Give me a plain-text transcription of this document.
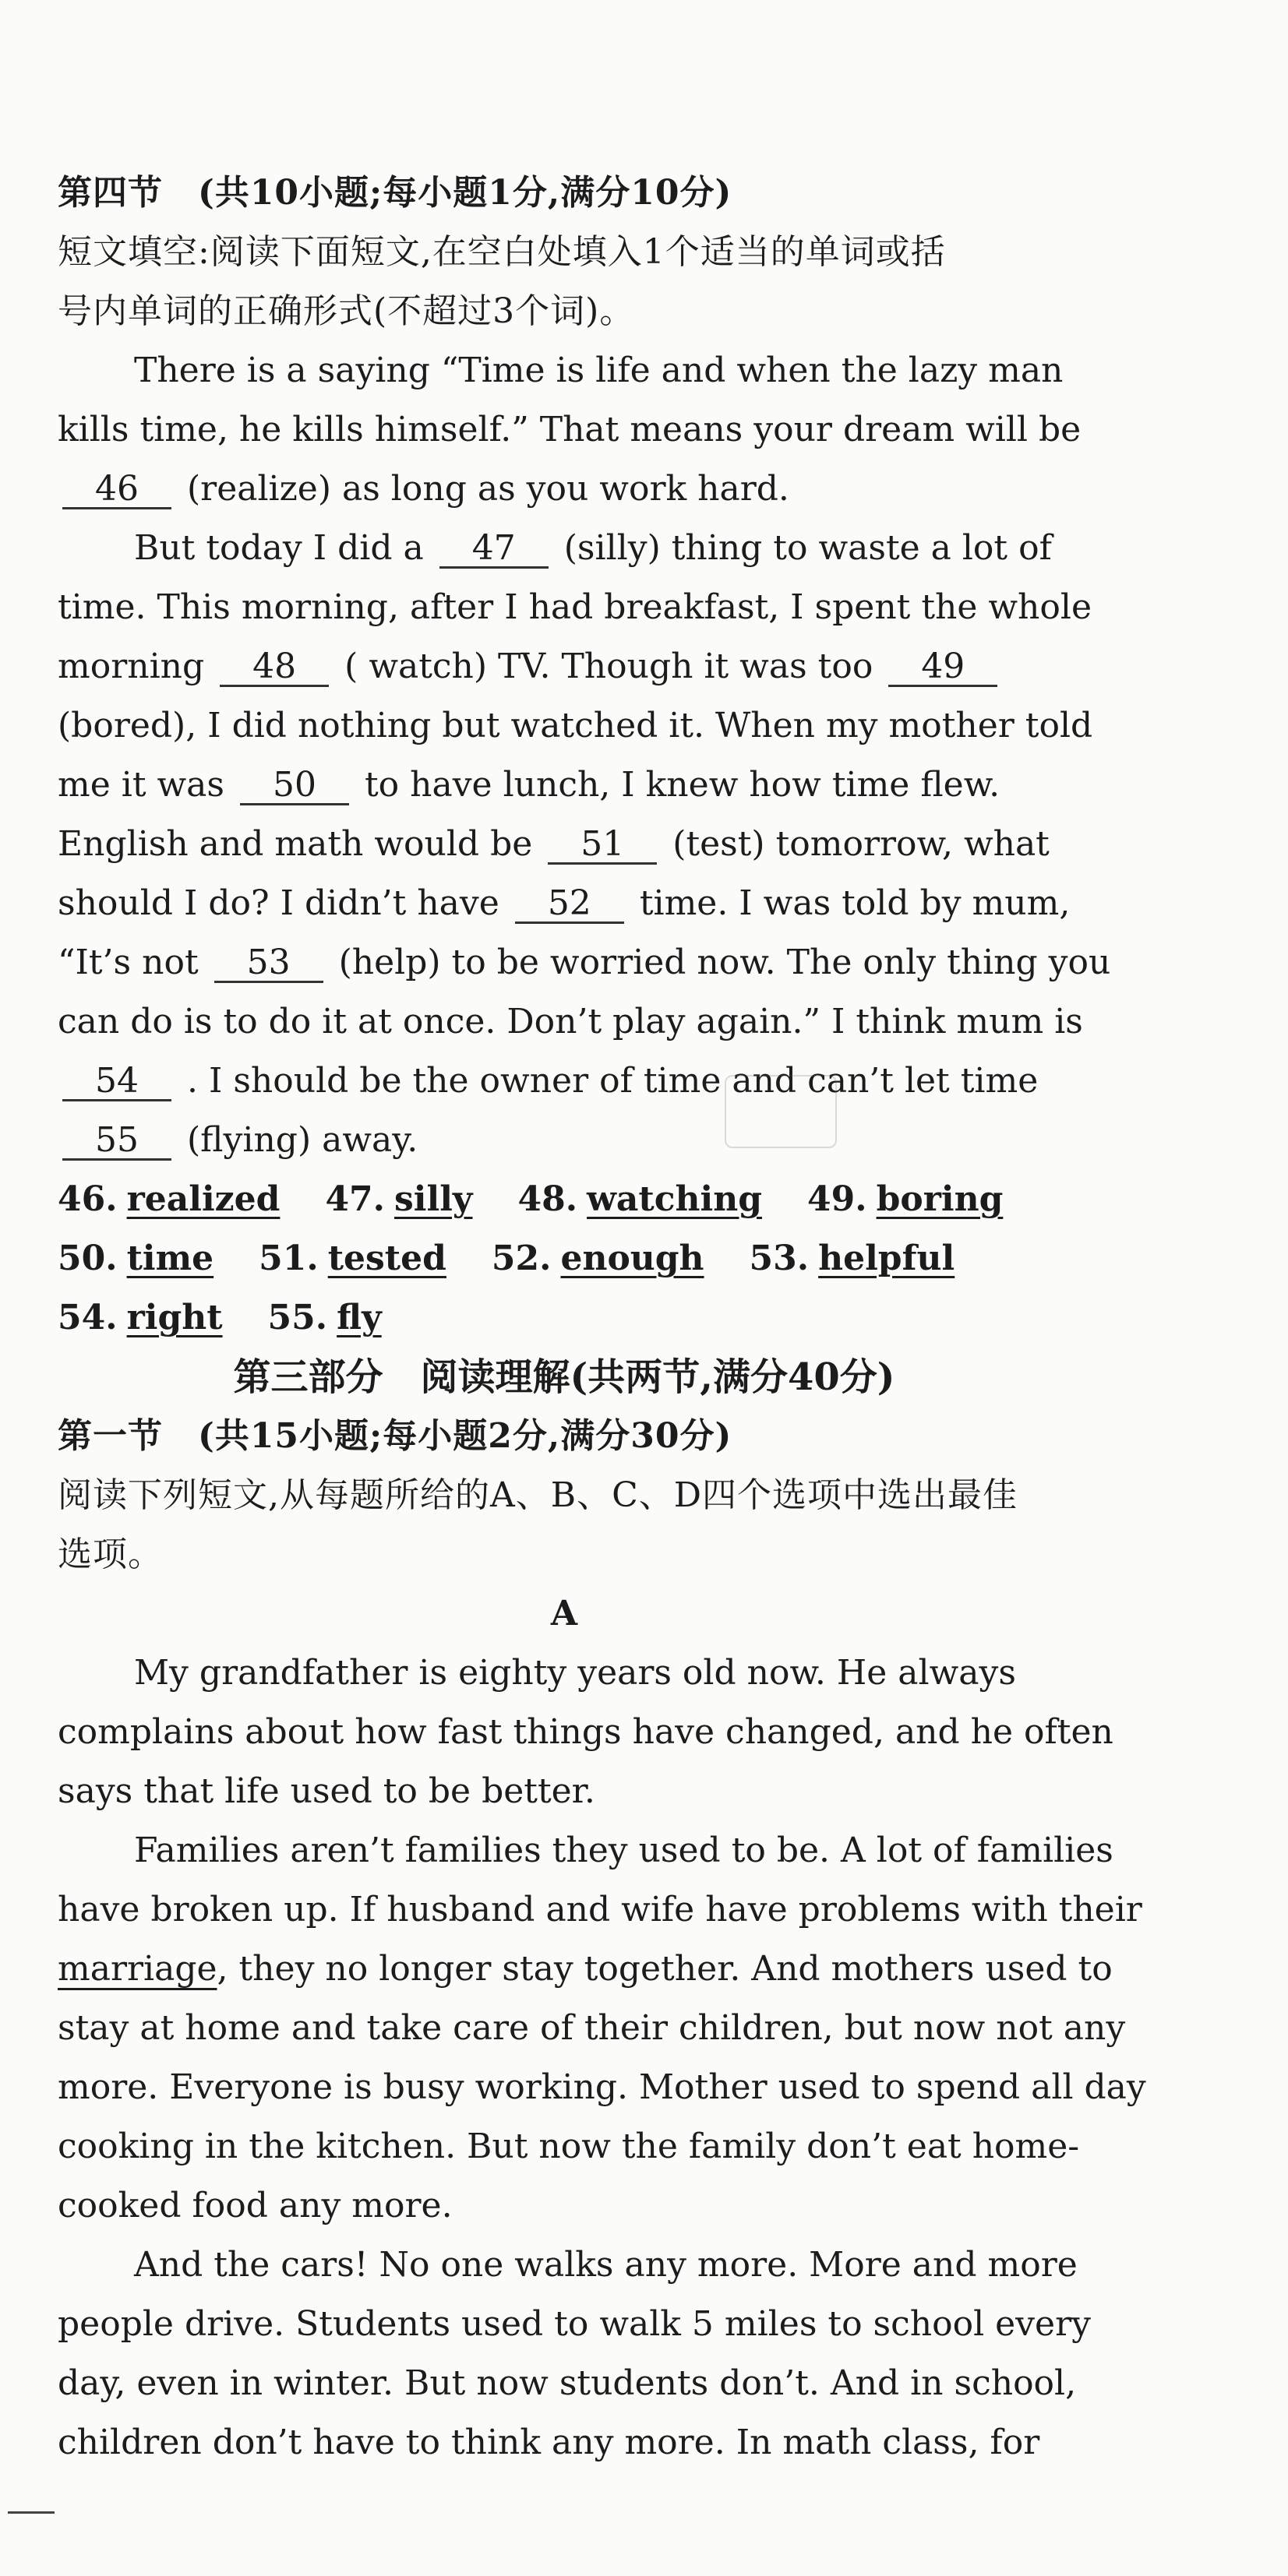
第四节　(共10小题;每小题1分,满分10分)
短文填空:阅读下面短文,在空白处填入1个适当的单词或括
号内单词的正确形式(不超过3个词)。
There is a saying “Time is life and when the lazy man
kills time, he kills himself.” That means your dream will be
46 (realize) as long as you work hard.
But today I did a 47 (silly) thing to waste a lot of
time. This morning, after I had breakfast, I spent the whole
morning 48 ( watch) TV. Though it was too 49
(bored), I did nothing but watched it. When my mother told
me it was 50 to have lunch, I knew how time flew.
English and math would be 51 (test) tomorrow, what
should I do? I didn’t have 52 time. I was told by mum,
“It’s not 53 (help) to be worried now. The only thing you
can do is to do it at once. Don’t play again.” I think mum is
54 . I should be the owner of time and can’t let time
55 (flying) away.
46. realized 47. silly 48. watching 49. boring
50. time 51. tested 52. enough 53. helpful
54. right 55. fly
第三部分　阅读理解(共两节,满分40分)
第一节　(共15小题;每小题2分,满分30分)
阅读下列短文,从每题所给的A、B、C、D四个选项中选出最佳
选项。
A
My grandfather is eighty years old now. He always
complains about how fast things have changed, and he often
says that life used to be better.
Families aren’t families they used to be. A lot of families
have broken up. If husband and wife have problems with their
marriage, they no longer stay together. And mothers used to
stay at home and take care of their children, but now not any
more. Everyone is busy working. Mother used to spend all day
cooking in the kitchen. But now the family don’t eat home-
cooked food any more.
And the cars! No one walks any more. More and more
people drive. Students used to walk 5 miles to school every
day, even in winter. But now students don’t. And in school,
children don’t have to think any more. In math class, for
